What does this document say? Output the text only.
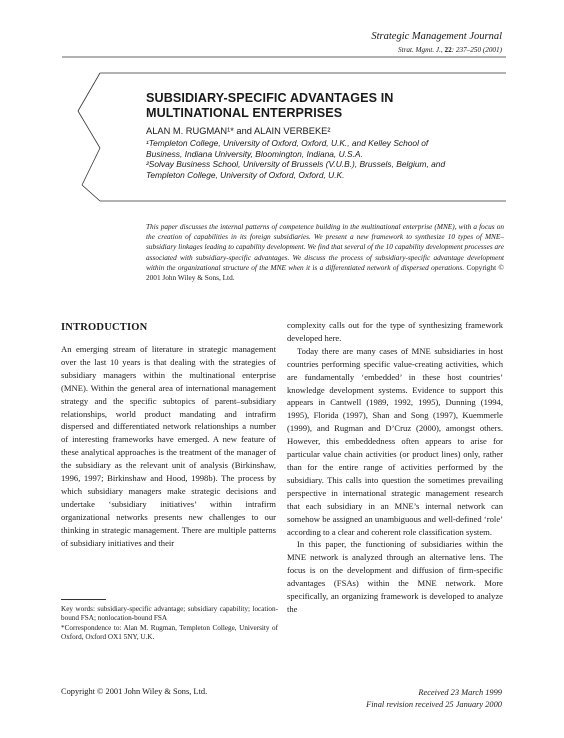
Strategic Management Journal
Strat. Mgmt. J., 22: 237–250 (2001)
SUBSIDIARY-SPECIFIC ADVANTAGES IN
MULTINATIONAL ENTERPRISES
ALAN M. RUGMAN¹* and ALAIN VERBEKE²
¹Templeton College, University of Oxford, Oxford, U.K., and Kelley School of
Business, Indiana University, Bloomington, Indiana, U.S.A.
²Solvay Business School, University of Brussels (V.U.B.), Brussels, Belgium, and
Templeton College, University of Oxford, Oxford, U.K.
This paper discusses the internal patterns of competence building in the multinational enterprise (MNE), with a focus on the creation of capabilities in its foreign subsidiaries. We present a new framework to synthesize 10 types of MNE–subsidiary linkages leading to capability development. We find that several of the 10 capability development processes are associated with subsidiary-specific advantages. We discuss the process of subsidiary-specific advantage development within the organizational structure of the MNE when it is a differentiated network of dispersed operations. Copyright © 2001 John Wiley & Sons, Ltd.
INTRODUCTION

An emerging stream of literature in strategic management over the last 10 years is that dealing with the strategies of subsidiary managers within the multinational enterprise (MNE). Within the general area of international management strategy and the specific subtopics of parent–subsidiary relationships, world product mandating and intrafirm dispersed and differentiated network relationships a number of interesting frameworks have emerged. A new feature of these analytical approaches is the treatment of the manager of the subsidiary as the relevant unit of analysis (Birkinshaw, 1996, 1997; Birkinshaw and Hood, 1998b). The process by which subsidiary managers make strategic decisions and undertake ‘subsidiary initiatives’ within intrafirm organizational networks presents new challenges to our thinking in strategic management. There are multiple patterns of subsidiary initiatives and their

complexity calls out for the type of synthesizing framework developed here.

Today there are many cases of MNE subsidiaries in host countries performing specific value-creating activities, which are fundamentally ‘embedded’ in these host countries’ knowledge development systems. Evidence to support this appears in Cantwell (1989, 1992, 1995), Dunning (1994, 1995), Florida (1997), Shan and Song (1997), Kuemmerle (1999), and Rugman and D’Cruz (2000), amongst others. However, this embeddedness often appears to arise for particular value chain activities (or product lines) only, rather than for the entire range of activities performed by the subsidiary. This calls into question the sometimes prevailing perspective in international strategic management research that each subsidiary in an MNE’s internal network can somehow be assigned an unambiguous and well-defined ‘role’ according to a clear and coherent role classification system.

In this paper, the functioning of subsidiaries within the MNE network is analyzed through an alternative lens. The focus is on the development and diffusion of firm-specific advantages (FSAs) within the MNE network. More specifically, an organizing framework is developed to analyze the

Key words: subsidiary-specific advantage; subsidiary capability; location-bound FSA; nonlocation-bound FSA
*Correspondence to: Alan M. Rugman, Templeton College, University of Oxford, Oxford OX1 5NY, U.K.
Copyright © 2001 John Wiley & Sons, Ltd.	Received 23 March 1999
Final revision received 25 January 2000
